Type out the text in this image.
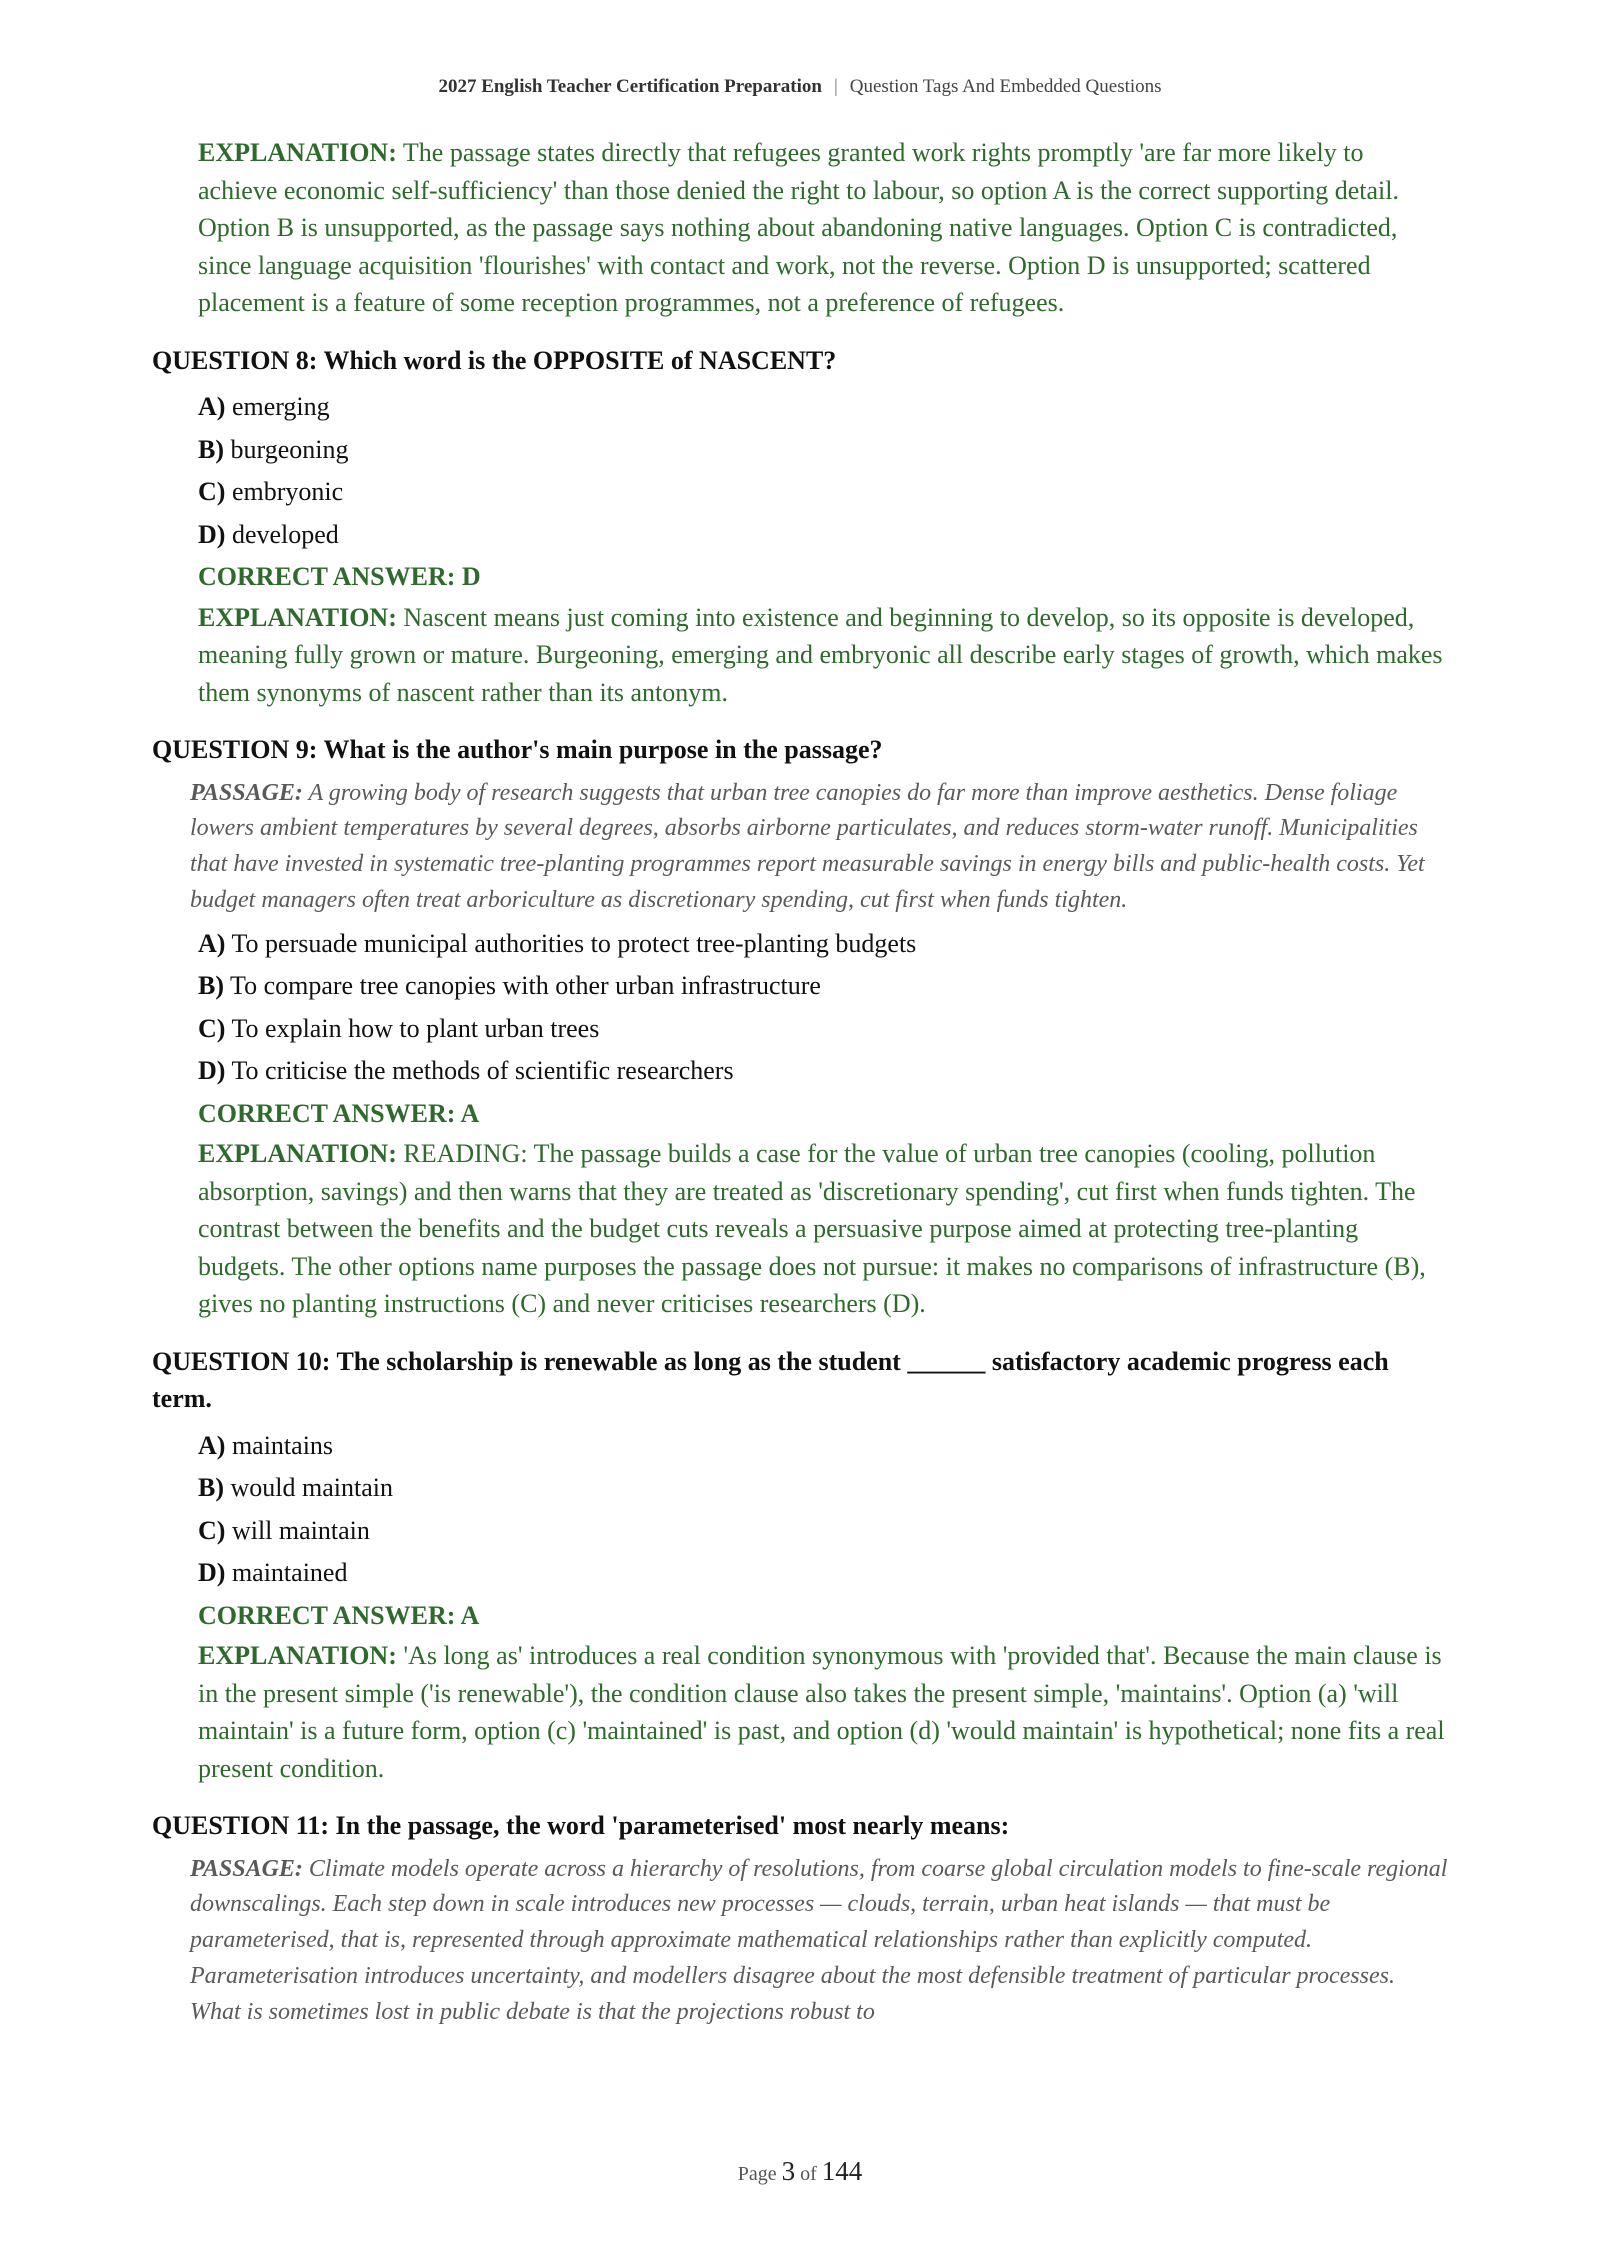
2027 English Teacher Certification Preparation | Question Tags And Embedded Questions
EXPLANATION: The passage states directly that refugees granted work rights promptly 'are far more likely to achieve economic self-sufficiency' than those denied the right to labour, so option A is the correct supporting detail. Option B is unsupported, as the passage says nothing about abandoning native languages. Option C is contradicted, since language acquisition 'flourishes' with contact and work, not the reverse. Option D is unsupported; scattered placement is a feature of some reception programmes, not a preference of refugees.
QUESTION 8: Which word is the OPPOSITE of NASCENT?
A) emerging
B) burgeoning
C) embryonic
D) developed
CORRECT ANSWER: D
EXPLANATION: Nascent means just coming into existence and beginning to develop, so its opposite is developed, meaning fully grown or mature. Burgeoning, emerging and embryonic all describe early stages of growth, which makes them synonyms of nascent rather than its antonym.
QUESTION 9: What is the author's main purpose in the passage?
PASSAGE: A growing body of research suggests that urban tree canopies do far more than improve aesthetics. Dense foliage lowers ambient temperatures by several degrees, absorbs airborne particulates, and reduces storm-water runoff. Municipalities that have invested in systematic tree-planting programmes report measurable savings in energy bills and public-health costs. Yet budget managers often treat arboriculture as discretionary spending, cut first when funds tighten.
A) To persuade municipal authorities to protect tree-planting budgets
B) To compare tree canopies with other urban infrastructure
C) To explain how to plant urban trees
D) To criticise the methods of scientific researchers
CORRECT ANSWER: A
EXPLANATION: READING: The passage builds a case for the value of urban tree canopies (cooling, pollution absorption, savings) and then warns that they are treated as 'discretionary spending', cut first when funds tighten. The contrast between the benefits and the budget cuts reveals a persuasive purpose aimed at protecting tree-planting budgets. The other options name purposes the passage does not pursue: it makes no comparisons of infrastructure (B), gives no planting instructions (C) and never criticises researchers (D).
QUESTION 10: The scholarship is renewable as long as the student ______ satisfactory academic progress each term.
A) maintains
B) would maintain
C) will maintain
D) maintained
CORRECT ANSWER: A
EXPLANATION: 'As long as' introduces a real condition synonymous with 'provided that'. Because the main clause is in the present simple ('is renewable'), the condition clause also takes the present simple, 'maintains'. Option (a) 'will maintain' is a future form, option (c) 'maintained' is past, and option (d) 'would maintain' is hypothetical; none fits a real present condition.
QUESTION 11: In the passage, the word 'parameterised' most nearly means:
PASSAGE: Climate models operate across a hierarchy of resolutions, from coarse global circulation models to fine-scale regional downscalings. Each step down in scale introduces new processes — clouds, terrain, urban heat islands — that must be parameterised, that is, represented through approximate mathematical relationships rather than explicitly computed. Parameterisation introduces uncertainty, and modellers disagree about the most defensible treatment of particular processes. What is sometimes lost in public debate is that the projections robust to
Page 3 of 144
